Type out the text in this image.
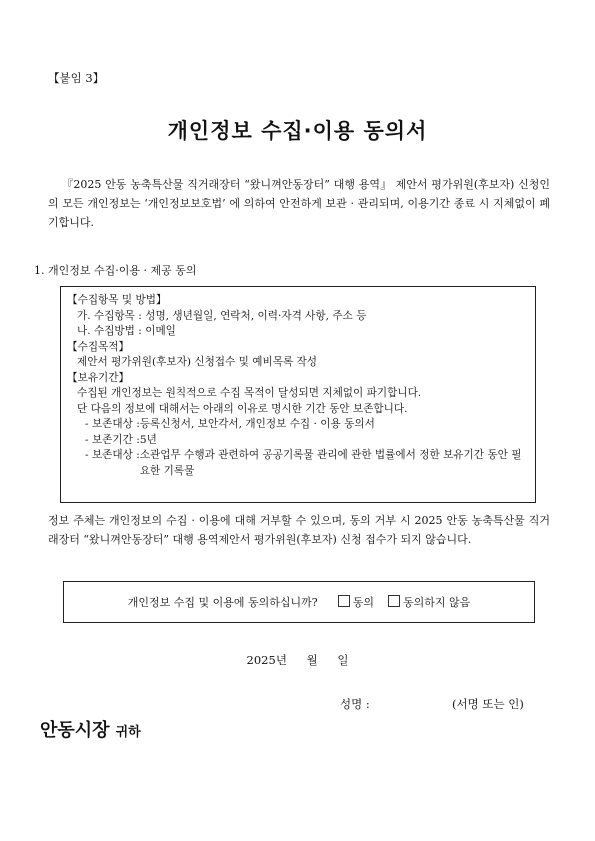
【붙임 3】
개인정보 수집·이용 동의서
『2025 안동 농축특산물 직거래장터 “왔니껴안동장터” 대행 용역』 제안서 평가위원(후보자) 신청인의 모든 개인정보는 ‘개인정보보호법’ 에 의하여 안전하게 보관 · 관리되며, 이용기간 종료 시 지체없이 폐기합니다.
1. 개인정보 수집·이용 · 제공 동의
【수집항목 및 방법】
가. 수집항목 : 성명, 생년월일, 연락처, 이력·자격 사항, 주소 등
나. 수집방법 : 이메일
【수집목적】
제안서 평가위원(후보자) 신청접수 및 예비목록 작성
【보유기간】
수집된 개인정보는 원칙적으로 수집 목적이 달성되면 지체없이 파기합니다.
단 다음의 정보에 대해서는 아래의 이유로 명시한 기간 동안 보존합니다.
- 보존대상 : 등록신청서, 보안각서, 개인정보 수집 · 이용 동의서
- 보존기간 : 5년
- 보존대상 : 소관업무 수행과 관련하여 공공기록물 관리에 관한 법률에서 정한 보유기간 동안 필요한 기록물
정보 주체는 개인정보의 수집 · 이용에 대해 거부할 수 있으며, 동의 거부 시 2025 안동 농축특산물 직거래장터 “왔니껴안동장터” 대행 용역제안서 평가위원(후보자) 신청 접수가 되지 않습니다.
개인정보 수집 및 이용에 동의하십니까?	동의	동의하지 않음
2025년 월 일
성명 :	(서명 또는 인)
안동시장 귀하
